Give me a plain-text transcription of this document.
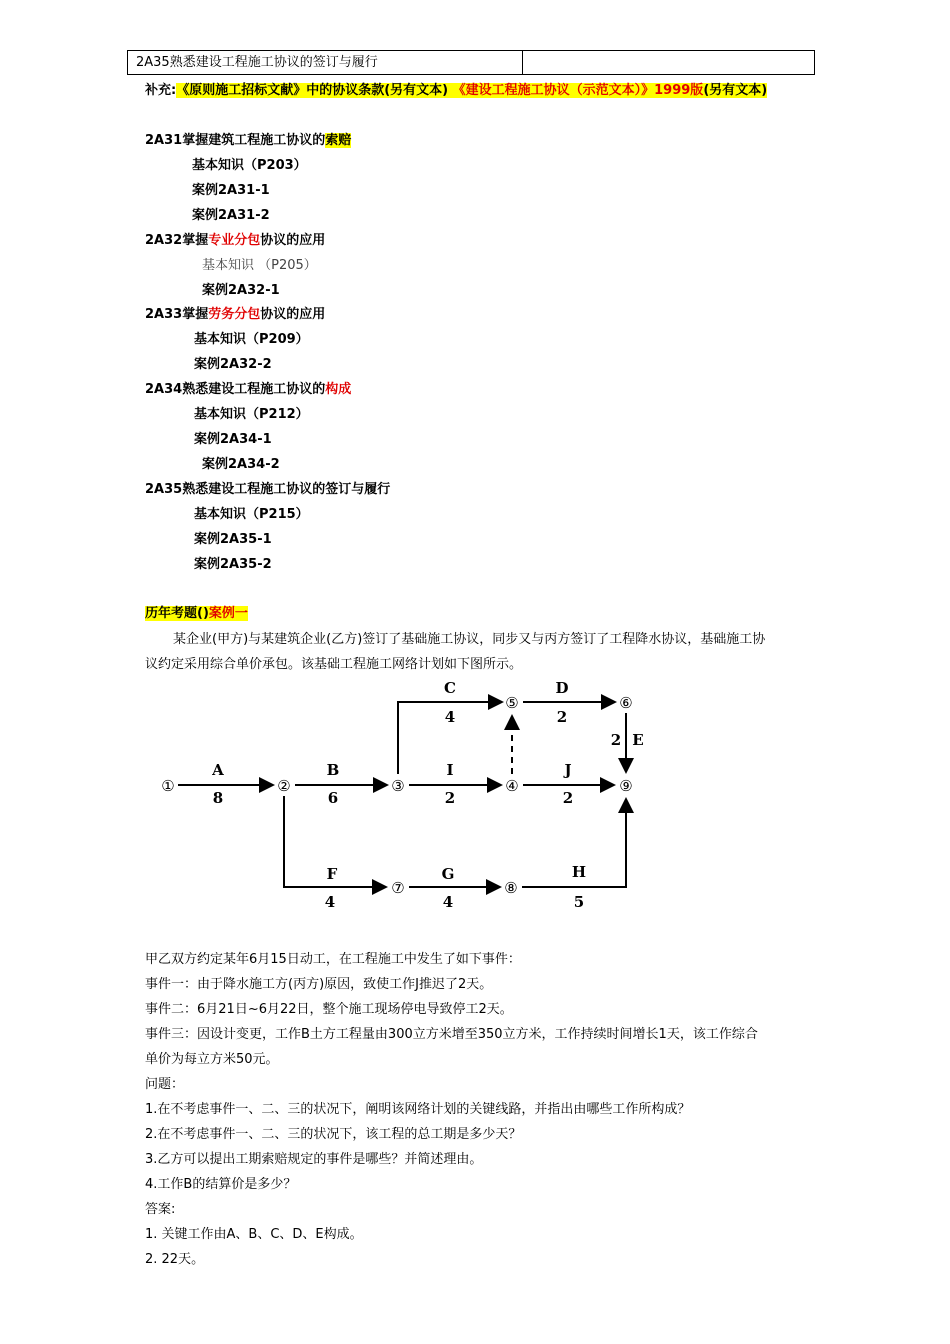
2A35熟悉建设工程施工协议的签订与履行
补充:《原则施工招标文献》中的协议条款(另有文本) 《建设工程施工协议（示范文本）》1999版(另有文本)
2A31掌握建筑工程施工协议的索赔
基本知识（P203）
案例2A31-1
案例2A31-2
2A32掌握专业分包协议的应用
基本知识 （P205）
案例2A32-1
2A33掌握劳务分包协议的应用
基本知识（P209）
案例2A32-2
2A34熟悉建设工程施工协议的构成
基本知识（P212）
案例2A34-1
案例2A34-2
2A35熟悉建设工程施工协议的签订与履行
基本知识（P215）
案例2A35-1
案例2A35-2
历年考题()案例一
某企业(甲方)与某建筑企业(乙方)签订了基础施工协议，同步又与丙方签订了工程降水协议，基础施工协
议约定采用综合单价承包。该基础工程施工网络计划如下图所示。
①	②	③	④
⑤	⑥
⑦	⑧
⑨
A
8
B
6
C
4
D
2
2 E
I
2
J
2
F
4
G
4
H
5
甲乙双方约定某年6月15日动工，在工程施工中发生了如下事件：
事件一：由于降水施工方(丙方)原因，致使工作J推迟了2天。
事件二：6月21日~6月22日，整个施工现场停电导致停工2天。
事件三：因设计变更，工作B土方工程量由300立方米增至350立方米，工作持续时间增长1天，该工作综合
单价为每立方米50元。
问题：
1.在不考虑事件一、二、三的状况下，阐明该网络计划的关键线路，并指出由哪些工作所构成？
2.在不考虑事件一、二、三的状况下，该工程的总工期是多少天？
3.乙方可以提出工期索赔规定的事件是哪些？并简述理由。
4.工作B的结算价是多少？
答案:
1. 关键工作由A、B、C、D、E构成。
2. 22天。
